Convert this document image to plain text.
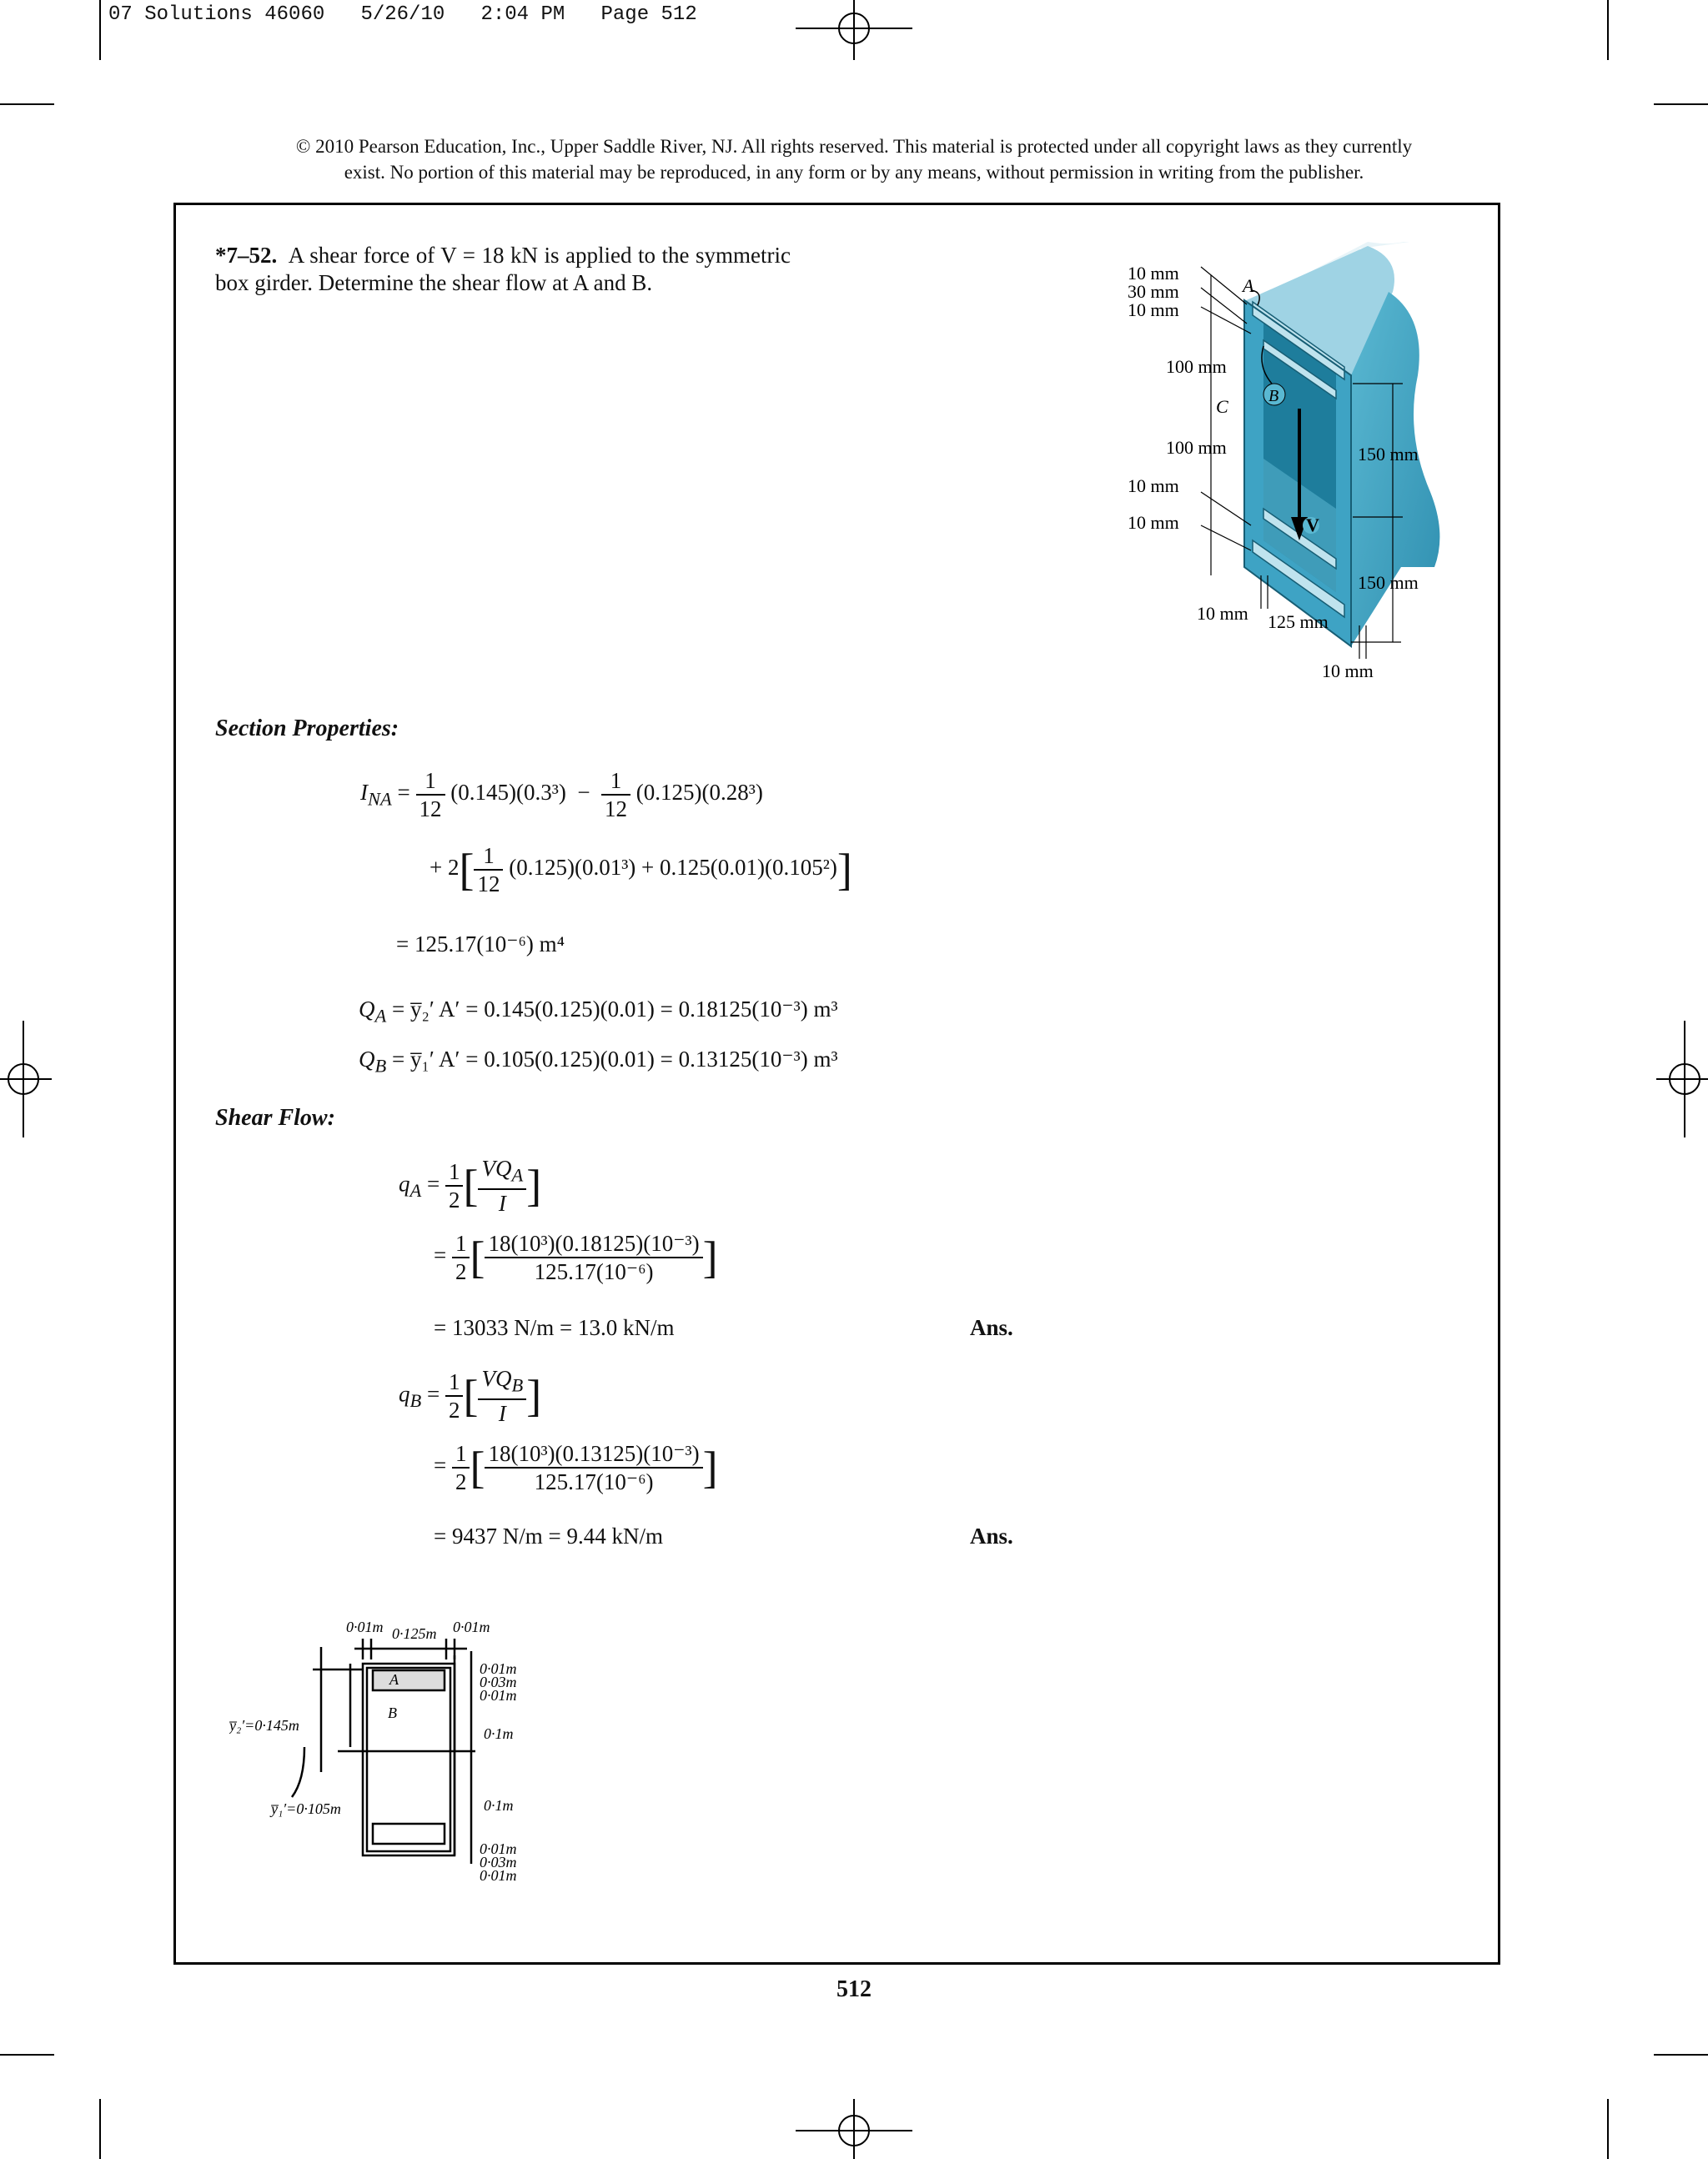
07 Solutions 46060   5/26/10   2:04 PM   Page 512
© 2010 Pearson Education, Inc., Upper Saddle River, NJ. All rights reserved. This material is protected under all copyright laws as they currently
exist. No portion of this material may be reproduced, in any form or by any means, without permission in writing from the publisher.
*7–52. A shear force of V = 18 kN is applied to the symmetric box girder. Determine the shear flow at A and B.
V
A
B
C
10 mm
30 mm
10 mm
100 mm
100 mm
10 mm
10 mm
150 mm
150 mm
10 mm 125 mm
10 mm
Section Properties:
$I_{NA} = \frac{1}{12} (0.145)(0.3^3) - \frac{1}{12} (0.125)(0.28^3)$
+ $2[ \frac{1}{12} (0.125)(0.01^3) + 0.125(0.01)(0.105^2)]$
= 125.17(10⁻⁶) m⁴
$Q_A$ = y̅₂′ A′ = 0.145(0.125)(0.01) = 0.18125(10⁻³) m³
$Q_B$ = y̅₁′ A′ = 0.105(0.125)(0.01) = 0.13125(10⁻³) m³
Shear Flow:
$q_A = \frac{1}{2}$ [ $\frac{VQ_A}{I}$ ]
= $\frac{1}{2}$ [ $\frac{\text{18(10³)(0.18125)(10⁻³)}}{\text{125.17(10⁻⁶)}}$ ]
= 13033 N/m = 13.0 kN/m	Ans.
$q_B = \frac{1}{2}$ [ $\frac{VQ_B}{I}$ ]
= $\frac{1}{2}$ [ $\frac{\text{18(10³)(0.13125)(10⁻³)}}{\text{125.17(10⁻⁶)}}$ ]
= 9437 N/m = 9.44 kN/m	Ans.
0·01m 0·125m 0·01m
0·01m
0·03m
0·01m
0·1m
0·1m
0·01m
0·03m
0·01m
y̅₂′=0·145m
y̅₁′=0·105m
A
B
512
